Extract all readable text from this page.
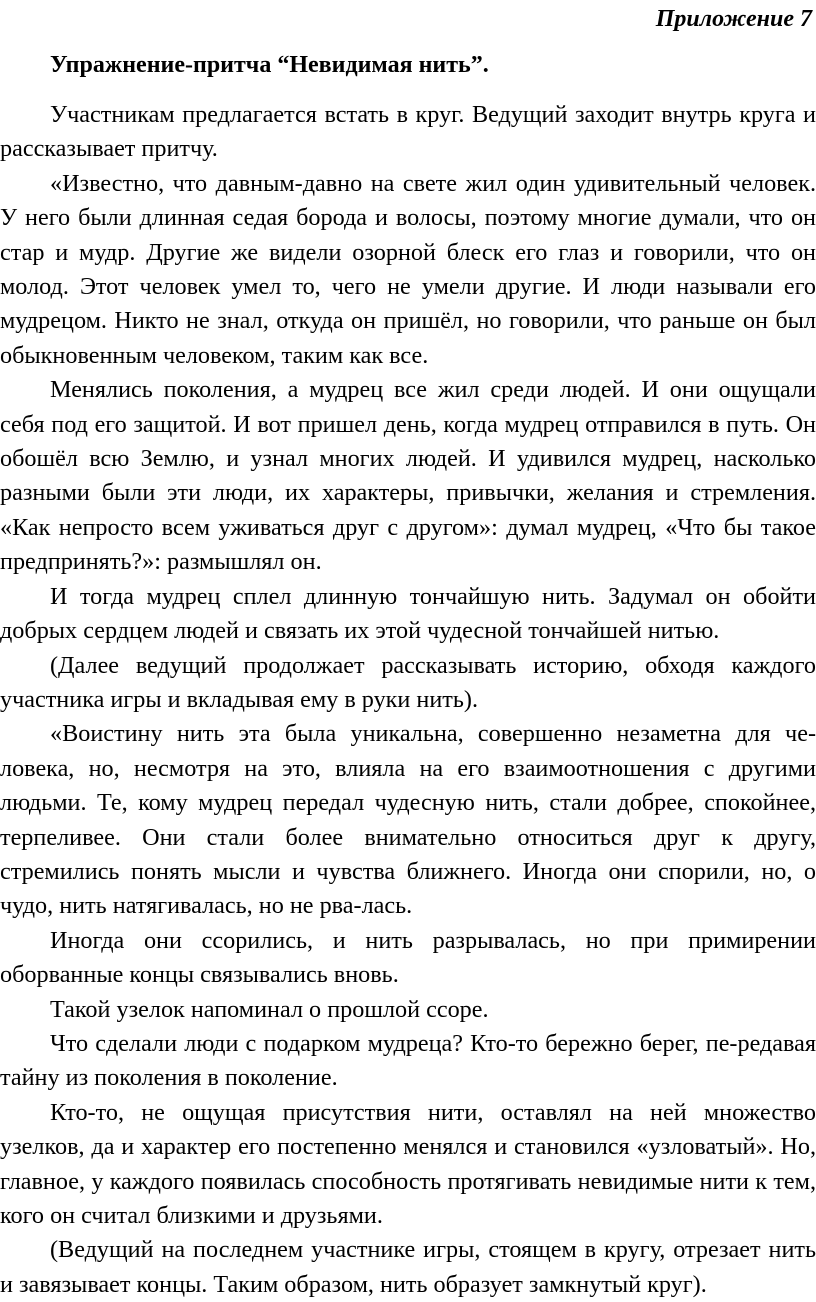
Приложение 7

Упражнение-притча “Невидимая нить”.

Участникам предлагается встать в круг. Ведущий заходит внутрь круга и рассказывает притчу.

«Известно, что давным-давно на свете жил один удивительный человек. У него были длинная седая борода и волосы, поэтому многие думали, что он стар и мудр. Другие же видели озорной блеск его глаз и говорили, что он молод. Этот человек умел то, чего не умели другие. И люди называли его мудрецом. Никто не знал, откуда он пришёл, но говорили, что раньше он был обыкновенным человеком, таким как все.

Менялись поколения, а мудрец все жил среди людей. И они ощущали себя под его защитой. И вот пришел день, когда мудрец отправился в путь. Он обошёл всю Землю, и узнал многих людей. И удивился мудрец, насколько разными были эти люди, их характеры, привычки, желания и стремления. «Как непросто всем уживаться друг с другом»: думал мудрец, «Что бы такое предпринять?»: размышлял он.

И тогда мудрец сплел длинную тончайшую нить. Задумал он обойти добрых сердцем людей и связать их этой чудесной тончайшей нитью.

(Далее ведущий продолжает рассказывать историю, обходя каждого участника игры и вкладывая ему в руки нить).

«Воистину нить эта была уникальна, совершенно незаметна для че-ловека, но, несмотря на это, влияла на его взаимоотношения с другими людьми. Те, кому мудрец передал чудесную нить, стали добрее, спокойнее, терпеливее. Они стали более внимательно относиться друг к другу, стремились понять мысли и чувства ближнего. Иногда они спорили, но, о чудо, нить натягивалась, но не рва-лась.

Иногда они ссорились, и нить разрывалась, но при примирении оборванные концы связывались вновь.

Такой узелок напоминал о прошлой ссоре.

Что сделали люди с подарком мудреца? Кто-то бережно берег, пе-редавая тайну из поколения в поколение.

Кто-то, не ощущая присутствия нити, оставлял на ней множество узелков, да и характер его постепенно менялся и становился «узловатый». Но, главное, у каждого появилась способность протягивать невидимые нити к тем, кого он считал близкими и друзьями.

(Ведущий на последнем участнике игры, стоящем в кругу, отрезает нить и завязывает концы. Таким образом, нить образует замкнутый круг).
